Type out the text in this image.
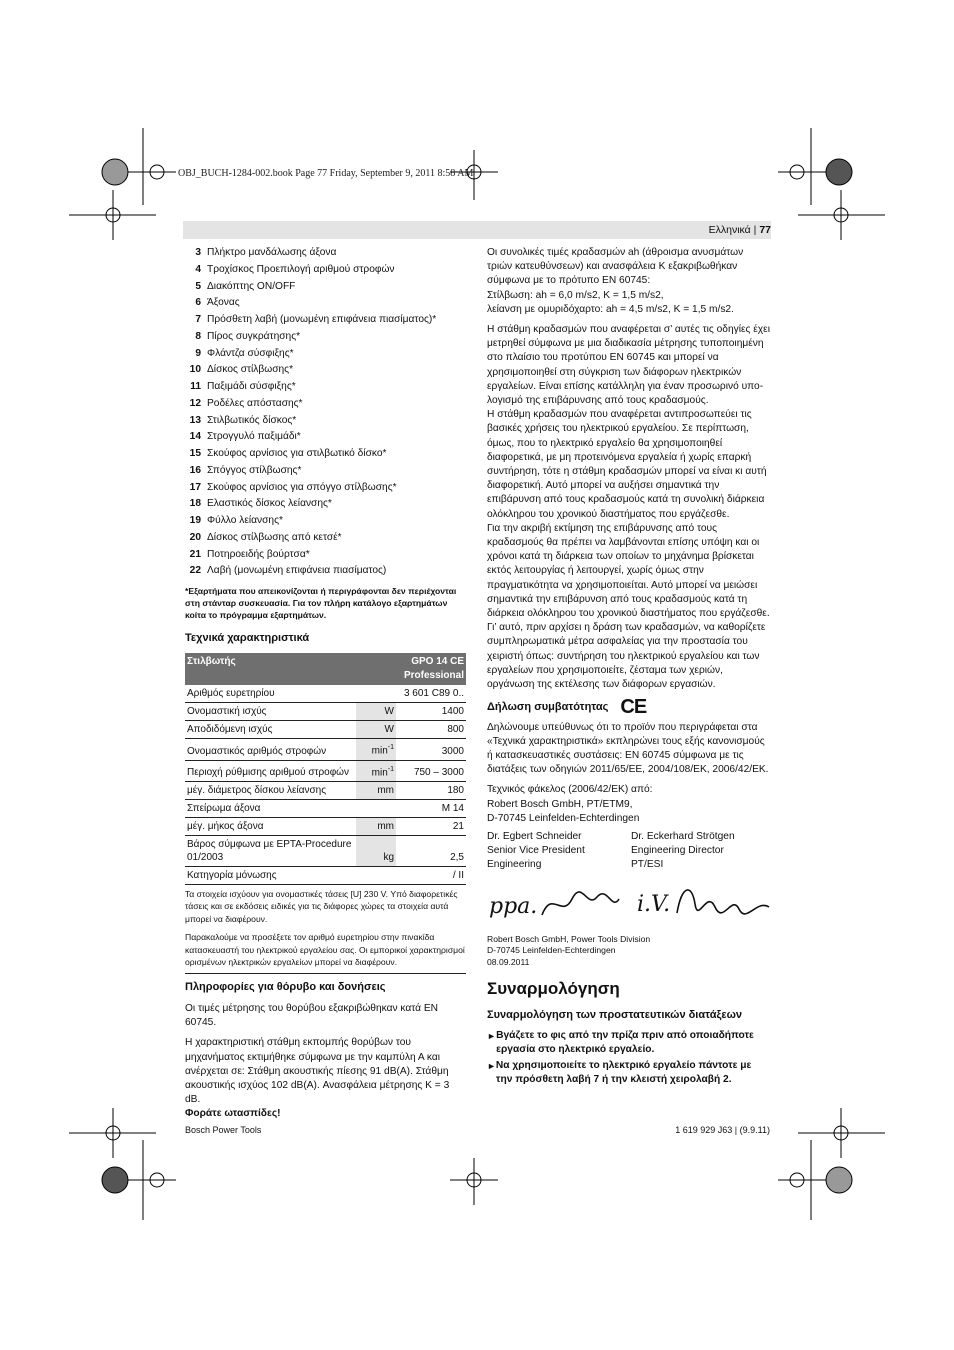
OBJ_BUCH-1284-002.book Page 77 Friday, September 9, 2011 8:58 AM
Ελληνικά | 77
3 Πλήκτρο μανδάλωσης άξονα
4 Τροχίσκος Προεπιλογή αριθμού στροφών
5 Διακόπτης ON/OFF
6 Άξονας
7 Πρόσθετη λαβή (μονωμένη επιφάνεια πιασίματος)*
8 Πίρος συγκράτησης*
9 Φλάντζα σύσφιξης*
10 Δίσκος στίλβωσης*
11 Παξιμάδι σύσφιξης*
12 Ροδέλες απόστασης*
13 Στιλβωτικός δίσκος*
14 Στρογγυλό παξιμάδι*
15 Σκούφος αρνίσιος για στιλβωτικό δίσκο*
16 Σπόγγος στίλβωσης*
17 Σκούφος αρνίσιος για σπόγγο στίλβωσης*
18 Ελαστικός δίσκος λείανσης*
19 Φύλλο λείανσης*
20 Δίσκος στίλβωσης από κετσέ*
21 Ποτηροειδής βούρτσα*
22 Λαβή (μονωμένη επιφάνεια πιασίματος)
*Εξαρτήματα που απεικονίζονται ή περιγράφονται δεν περιέχονται στη στάνταρ συσκευασία. Για τον πλήρη κατάλογο εξαρτημάτων κοίτα το πρόγραμμα εξαρτημάτων.
Τεχνικά χαρακτηριστικά
Στιλβωτής		GPO 14 CE
Professional
Αριθμός ευρετηρίου		3 601 C89 0..
Ονομαστική ισχύς	W	1400
Αποδιδόμενη ισχύς	W	800
Ονομαστικός αριθμός στροφών	$\min^{-1}$	3000
Περιοχή ρύθμισης αριθμού στροφών	$\min^{-1}$	750 – 3000
μέγ. διάμετρος δίσκου λείανσης	mm	180
Σπείρωμα άξονα		M 14
μέγ. μήκος άξονα	mm	21
Βάρος σύμφωνα με EPTA-Procedure 01/2003	kg	2,5
Κατηγορία μόνωσης		/ II
Τα στοιχεία ισχύουν για ονομαστικές τάσεις [U] 230 V. Υπό διαφορετικές τάσεις και σε εκδόσεις ειδικές για τις διάφορες χώρες τα στοιχεία αυτά μπορεί να διαφέρουν.
Παρακαλούμε να προσέξετε τον αριθμό ευρετηρίου στην πινακίδα κατασκευαστή του ηλεκτρικού εργαλείου σας. Οι εμπορικοί χαρακτηρισμοί ορισμένων ηλεκτρικών εργαλείων μπορεί να διαφέρουν.
Πληροφορίες για θόρυβο και δονήσεις
Οι τιμές μέτρησης του θορύβου εξακριβώθηκαν κατά EN 60745.
Η χαρακτηριστική στάθμη εκπομπής θορύβων του μηχανήματος εκτιμήθηκε σύμφωνα με την καμπύλη Α και ανέρχεται σε: Στάθμη ακουστικής πίεσης 91 dB(A). Στάθμη ακουστικής ισχύος 102 dB(A). Ανασφάλεια μέτρησης K = 3 dB.
Φοράτε ωτασπίδες!
Οι συνολικές τιμές κραδασμών ah (άθροισμα ανυσμάτων τριών κατευθύνσεων) και ανασφάλεια K εξακριβωθήκαν σύμφωνα με το πρότυπο EN 60745:
Στίλβωση: ah = 6,0 m/s2, K = 1,5 m/s2,
λείανση με ομυριδόχαρτο: ah = 4,5 m/s2, K = 1,5 m/s2.
Η στάθμη κραδασμών που αναφέρεται σ’ αυτές τις οδηγίες έχει μετρηθεί σύμφωνα με μια διαδικασία μέτρησης τυποποιημένη στο πλαίσιο του προτύπου EN 60745 και μπορεί να χρησιμοποιηθεί στη σύγκριση των διάφορων ηλεκτρικών εργαλείων. Είναι επίσης κατάλληλη για έναν προσωρινό υπο-λογισμό της επιβάρυνσης από τους κραδασμούς.
Η στάθμη κραδασμών που αναφέρεται αντιπροσωπεύει τις βασικές χρήσεις του ηλεκτρικού εργαλείου. Σε περίπτωση, όμως, που το ηλεκτρικό εργαλείο θα χρησιμοποιηθεί διαφορετικά, με μη προτεινόμενα εργαλεία ή χωρίς επαρκή συντήρηση, τότε η στάθμη κραδασμών μπορεί να είναι κι αυτή διαφορετική. Αυτό μπορεί να αυξήσει σημαντικά την επιβάρυνση από τους κραδασμούς κατά τη συνολική διάρκεια ολόκληρου του χρονικού διαστήματος που εργάζεσθε.
Για την ακριβή εκτίμηση της επιβάρυνσης από τους κραδασμούς θα πρέπει να λαμβάνονται επίσης υπόψη και οι χρόνοι κατά τη διάρκεια των οποίων το μηχάνημα βρίσκεται εκτός λειτουργίας ή λειτουργεί, χωρίς όμως στην πραγματικότητα να χρησιμοποιείται. Αυτό μπορεί να μειώσει σημαντικά την επιβάρυνση από τους κραδασμούς κατά τη διάρκεια ολόκληρου του χρονικού διαστήματος που εργάζεσθε.
Γι’ αυτό, πριν αρχίσει η δράση των κραδασμών, να καθορίζετε συμπληρωματικά μέτρα ασφαλείας για την προστασία του χειριστή όπως: συντήρηση του ηλεκτρικού εργαλείου και των εργαλείων που χρησιμοποιείτε, ζέσταμα των χεριών, οργάνωση της εκτέλεσης των διάφορων εργασιών.
Δήλωση συμβατότητας CE
Δηλώνουμε υπεύθυνως ότι το προϊόν που περιγράφεται στα «Τεχνικά χαρακτηριστικά» εκπληρώνει τους εξής κανονισμούς ή κατασκευαστικές συστάσεις: EN 60745 σύμφωνα με τις διατάξεις των οδηγιών 2011/65/ΕΕ, 2004/108/ΕΚ, 2006/42/ΕΚ.
Τεχνικός φάκελος (2006/42/ΕΚ) από:
Robert Bosch GmbH, PT/ETM9,
D-70745 Leinfelden-Echterdingen
Dr. Egbert Schneider
Senior Vice President
Engineering
Dr. Eckerhard Strötgen
Engineering Director
PT/ESI
ppa.	i.V.
Robert Bosch GmbH, Power Tools Division
D-70745 Leinfelden-Echterdingen
08.09.2011
Συναρμολόγηση
Συναρμολόγηση των προστατευτικών διατάξεων
► Βγάζετε το φις από την πρίζα πριν από οποιαδήποτε εργασία στο ηλεκτρικό εργαλείο.
► Να χρησιμοποιείτε το ηλεκτρικό εργαλείο πάντοτε με την πρόσθετη λαβή 7 ή την κλειστή χειρολαβή 2.
Bosch Power Tools	1 619 929 J63 | (9.9.11)
